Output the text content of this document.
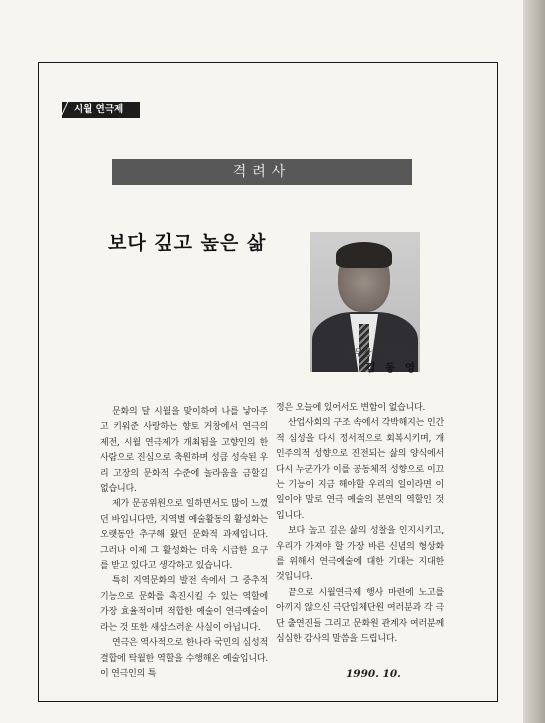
시월 연극제
격려사
보다 깊고 높은 삶
정무장관 국회의원
김 동 영

문화의 달 시월을 맞이하여 나를 낳아주고 키워준 사랑하는 향토 거창에서 연극의 제전, 시월 연극제가 개최됨을 고향인의 한 사람으로 진심으로 축원하며 성큼 성숙된 우리 고장의 문화적 수준에 놀라움을 금할길 없습니다.

제가 문공위원으로 일하면서도 많이 느꼈던 바입니다만, 지역별 예술활동의 활성화는 오랫동안 추구해 왔던 문화적 과제입니다. 그러나 이제 그 활성화는 더욱 시급한 요구를 받고 있다고 생각하고 있습니다.

특히 지역문화의 발전 속에서 그 중추적 기능으로 문화를 촉진시킬 수 있는 역할에 가장 효율적이며 적합한 예술이 연극예술이라는 것 또한 새삼스러운 사실이 아닙니다.

연극은 역사적으로 한나라 국민의 심성적 결합에 탁월한 역할을 수행해온 예술입니다. 이 연극인의 특

정은 오늘에 있어서도 변함이 없습니다.

산업사회의 구조 속에서 각박해지는 인간적 심성을 다시 정서적으로 회복시키며, 개인주의적 성향으로 진전되는 삶의 양식에서 다시 누군가가 이를 공동체적 성향으로 이끄는 기능이 지금 해야할 우리의 일이라면 이 일이야 말로 연극 예술의 본연의 역할인 것입니다.

보다 높고 깊은 삶의 성찰을 인지시키고, 우리가 가져야 할 가장 바른 신념의 형상화를 위해서 연극예술에 대한 기대는 지대한 것입니다.

끝으로 시월연극제 행사 마련에 노고를 아끼지 않으신 극단입체단원 여러분과 각 극단 출연진들 그리고 문화원 관계자 여러분께 심심한 감사의 말씀을 드립니다.

1990. 10.
